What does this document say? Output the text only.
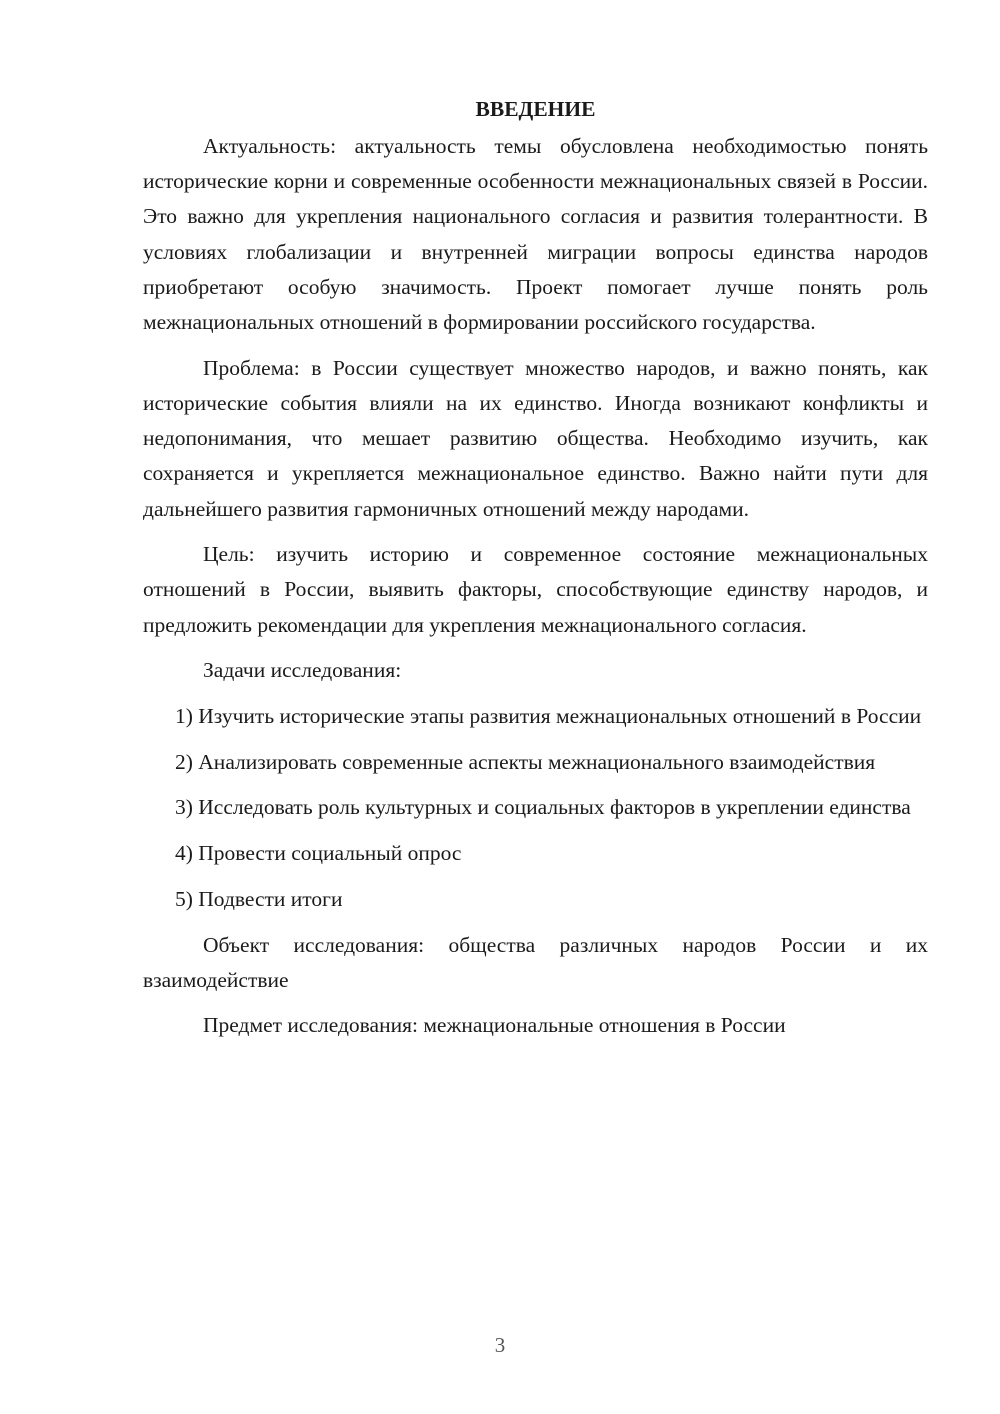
ВВЕДЕНИЕ

Актуальность: актуальность темы обусловлена необходимостью понять исторические корни и современные особенности межнациональных связей в России. Это важно для укрепления национального согласия и развития толерантности. В условиях глобализации и внутренней миграции вопросы единства народов приобретают особую значимость. Проект помогает лучше понять роль межнациональных отношений в формировании российского государства.

Проблема: в России существует множество народов, и важно понять, как исторические события влияли на их единство. Иногда возникают конфликты и недопонимания, что мешает развитию общества. Необходимо изучить, как сохраняется и укрепляется межнациональное единство. Важно найти пути для дальнейшего развития гармоничных отношений между народами.

Цель: изучить историю и современное состояние межнациональных отношений в России, выявить факторы, способствующие единству народов, и предложить рекомендации для укрепления межнационального согласия.

Задачи исследования:

1) Изучить исторические этапы развития межнациональных отношений в России

2) Анализировать современные аспекты межнационального взаимодействия

3) Исследовать роль культурных и социальных факторов в укреплении единства

4) Провести социальный опрос

5) Подвести итоги

Объект исследования: общества различных народов России и их взаимодействие

Предмет исследования: межнациональные отношения в России

3
